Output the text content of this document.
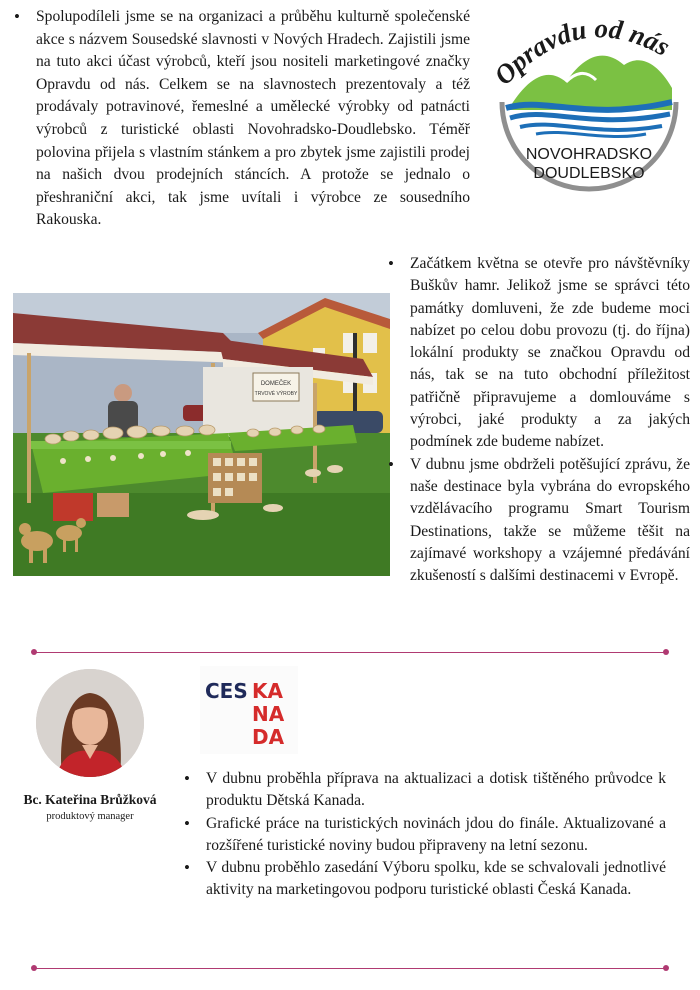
• Spolupodíleli jsme se na organizaci a průběhu kulturně společenské akce s názvem Sousedské slavnosti v Nových Hradech. Zajistili jsme na tuto akci účast výrobců, kteří jsou nositeli marketingové značky Opravdu od nás. Celkem se na slavnostech prezentovaly a též prodávaly potravinové, řemeslné a umělecké výrobky od patnácti výrobců z turistické oblasti Novohradsko-Doudlebsko. Téměř polovina přijela s vlastním stánkem a pro zbytek jsme zajistili prodej na našich dvou prodejních stáncích. A protože se jednalo o přeshraniční akci, tak jsme uvítali i výrobce ze sousedního Rakouska.
Opravdu od nás
NOVOHRADSKO
DOUDLEBSKO
DOMEČEK
TRVOVÉ VÝROBY
• Začátkem května se otevře pro návštěvníky Buškův hamr. Jelikož jsme se správci této památky domluveni, že zde budeme moci nabízet po celou dobu provozu (tj. do října) lokální produkty se značkou Opravdu od nás, tak se na tuto obchodní příležitost patřičně připravujeme a domlouváme s výrobci, jaké produkty a za jakých podmínek zde budeme nabízet.
• V dubnu jsme obdrželi potěšující zprávu, že naše destinace byla vybrána do evropského vzdělávacího programu Smart Tourism Destinations, takže se můžeme těšit na zajímavé workshopy a vzájemné předávání zkušeností s dalšími destinacemi v Evropě.
Bc. Kateřina Brůžková
produktový manager
CES KA
NA
DA
• V dubnu proběhla příprava na aktualizaci a dotisk tištěného průvodce k produktu Dětská Kanada.
• Grafické práce na turistických novinách jdou do finále. Aktualizované a rozšířené turistické noviny budou připraveny na letní sezonu.
• V dubnu proběhlo zasedání Výboru spolku, kde se schvalovali jednotlivé aktivity na marketingovou podporu turistické oblasti Česká Kanada.
